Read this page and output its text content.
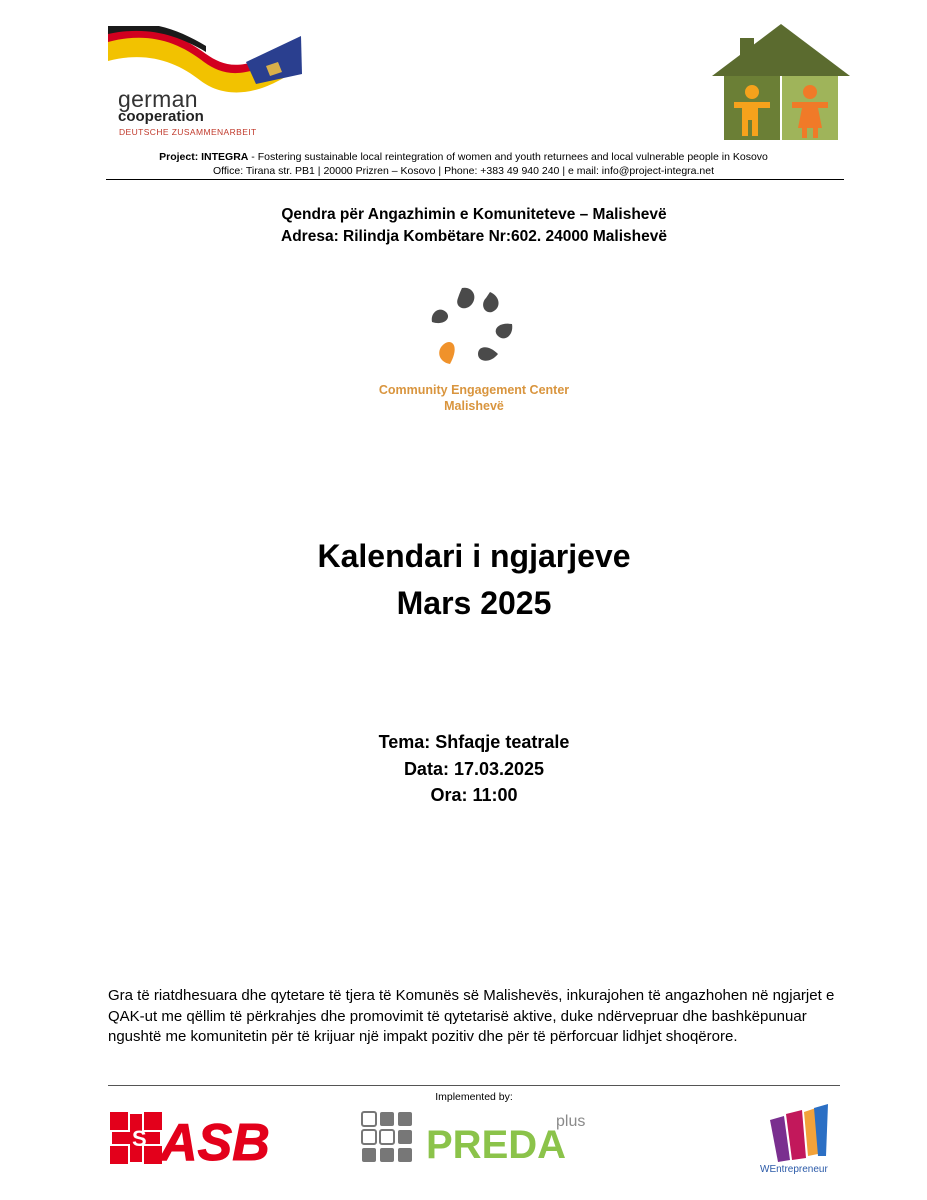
german
cooperation
DEUTSCHE ZUSAMMENARBEIT
Project: INTEGRA - Fostering sustainable local reintegration of women and youth returnees and local vulnerable people in Kosovo
Office: Tirana str. PB1 | 20000 Prizren – Kosovo | Phone: +383 49 940 240 | e mail: info@project-integra.net
Qendra për Angazhimin e Komuniteteve – Malishevë
Adresa: Rilindja Kombëtare Nr:602. 24000 Malishevë
Community Engagement Center
Malishevë
Kalendari i ngjarjeve
Mars 2025
Tema: Shfaqje teatrale
Data: 17.03.2025
Ora: 11:00
Gra të riatdhesuara dhe qytetare të tjera të Komunës së Malishevës, inkurajohen të angazhohen në ngjarjet e QAK-ut me qëllim të përkrahjes dhe promovimit të qytetarisë aktive, duke ndërvepruar dhe bashkëpunuar ngushtë me komunitetin për të krijuar një impakt pozitiv dhe për të përforcuar lidhjet shoqërore.
Implemented by:
S ASB	PREDA
plus
WEntrepreneur
